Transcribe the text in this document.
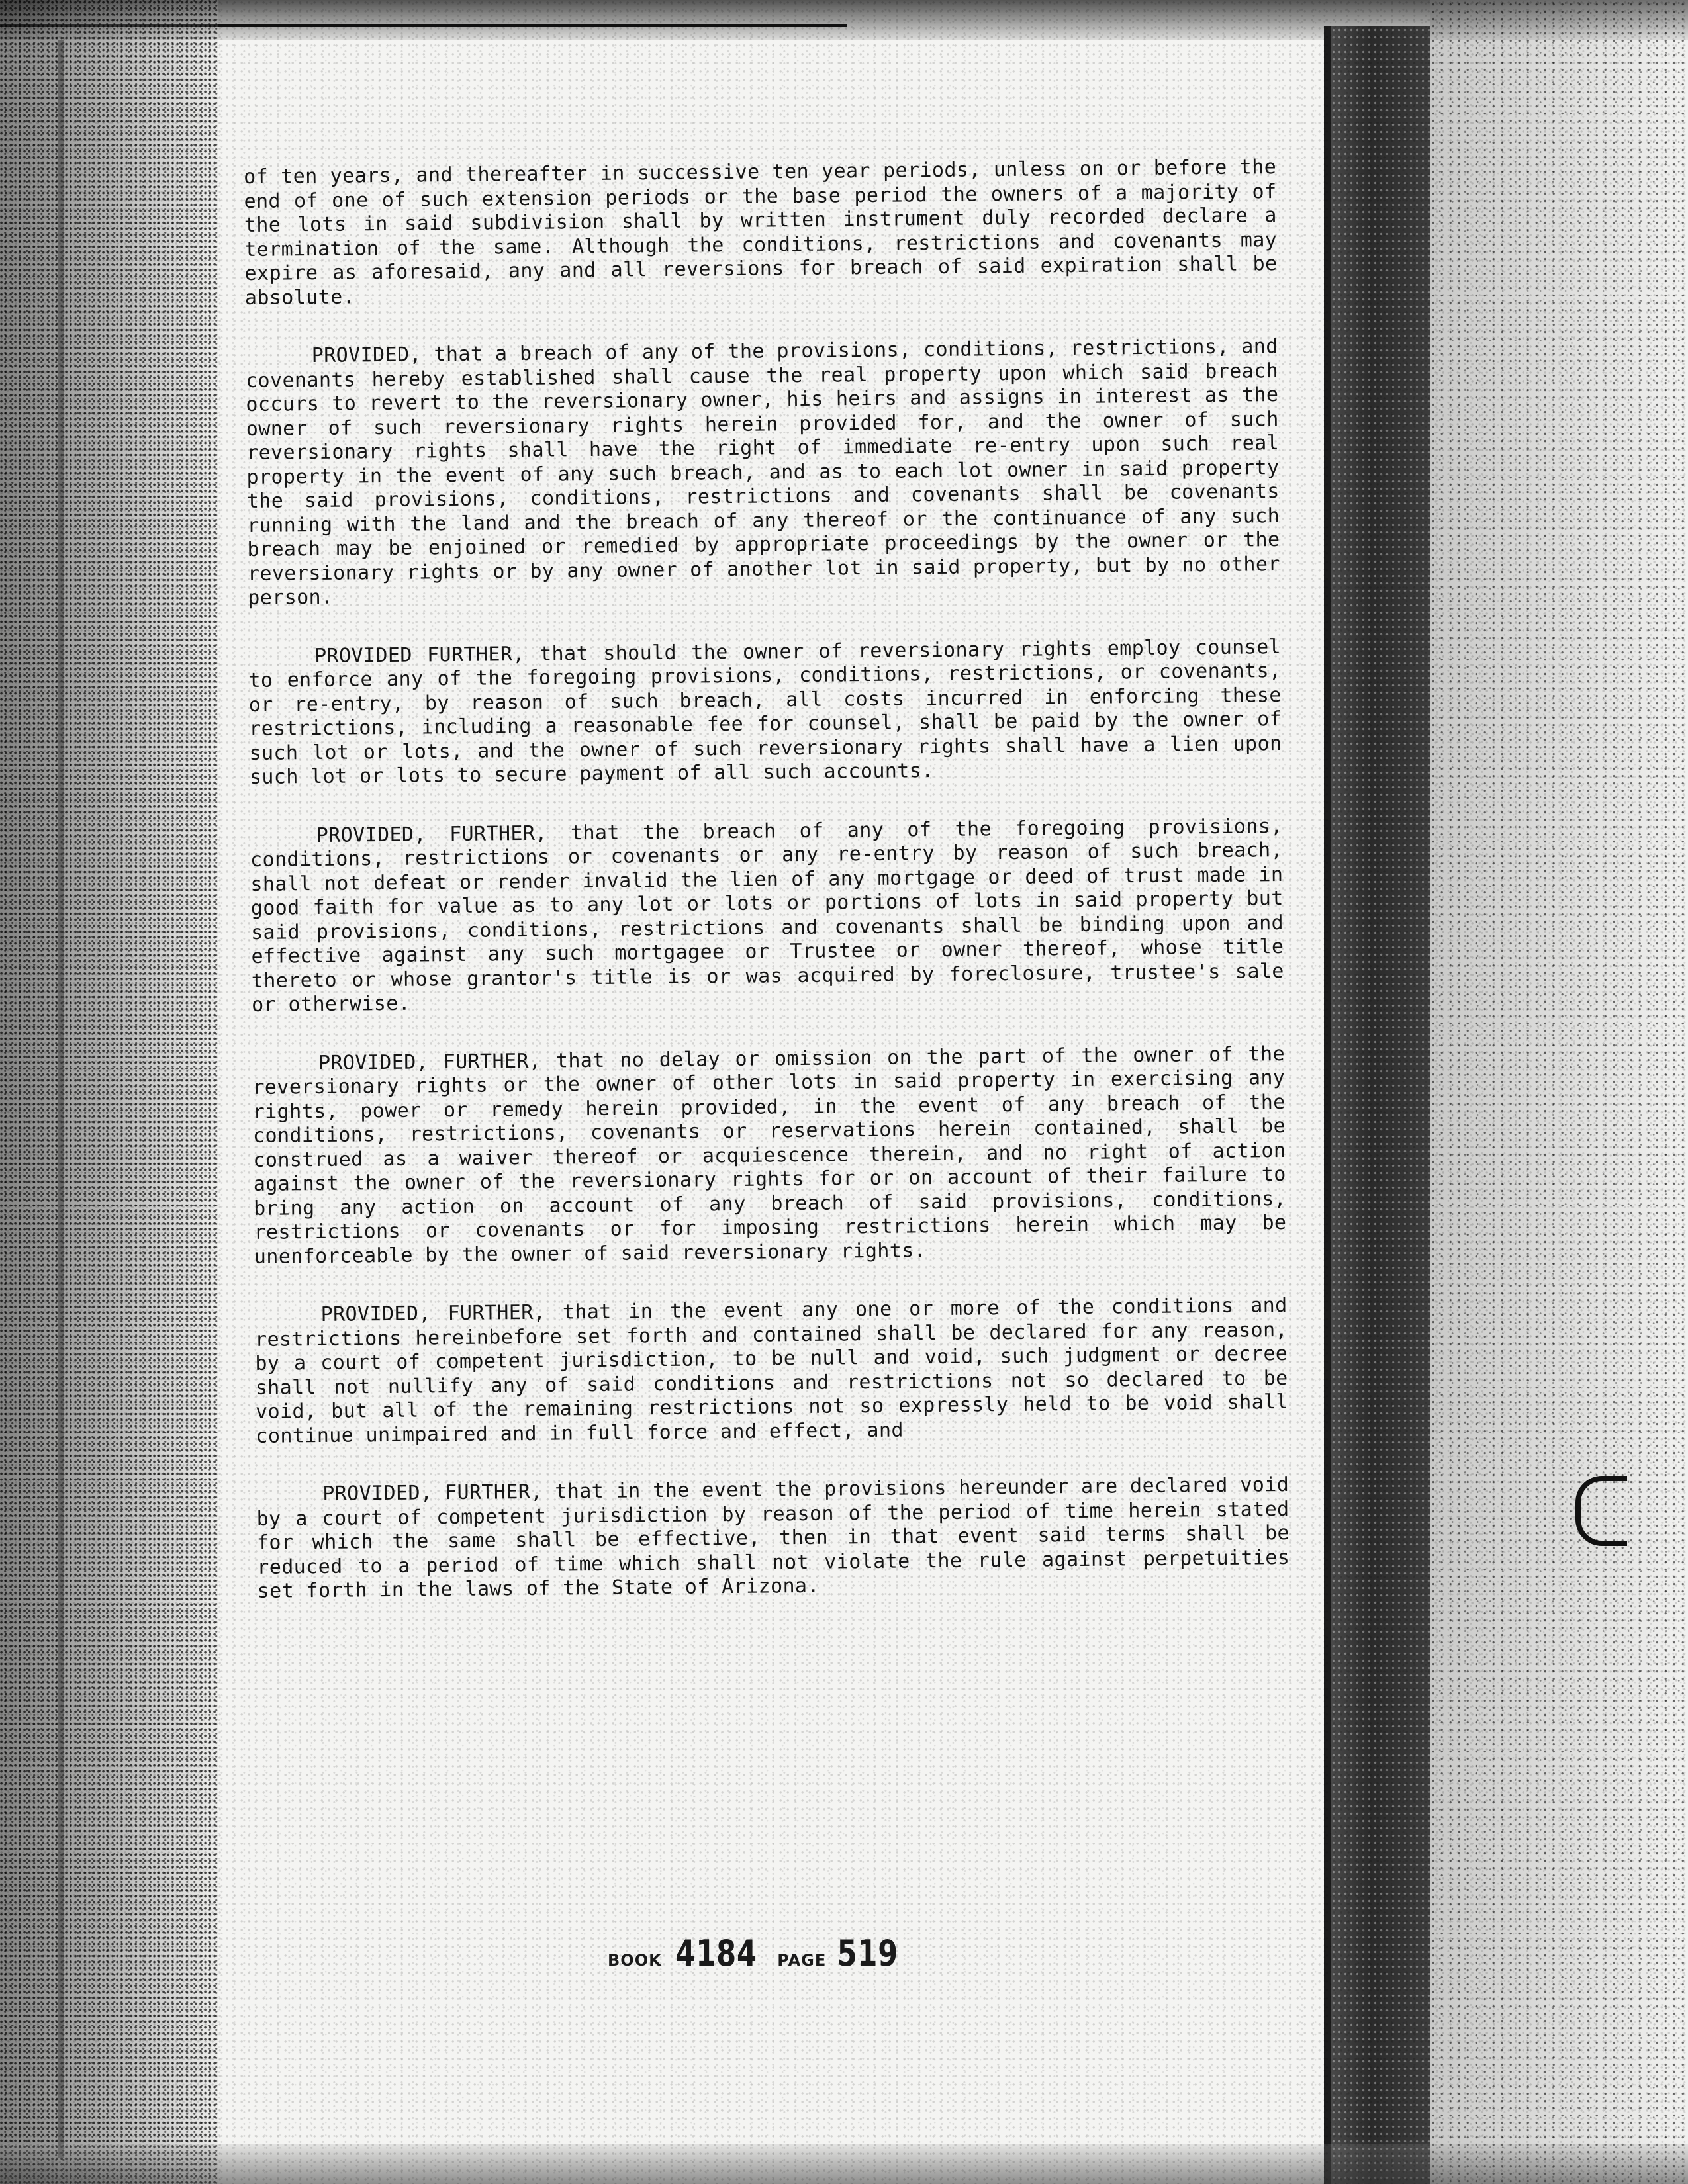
of ten years, and thereafter in successive ten year periods, unless on or before the end of one of such extension periods or the base period the owners of a majority of the lots in said subdivision shall by written instrument duly recorded declare a termination of the same. Although the conditions, restrictions and covenants may expire as aforesaid, any and all reversions for breach of said expiration shall be absolute.

PROVIDED, that a breach of any of the provisions, conditions, restrictions, and covenants hereby established shall cause the real property upon which said breach occurs to revert to the reversionary owner, his heirs and assigns in interest as the owner of such reversionary rights herein provided for, and the owner of such reversionary rights shall have the right of immediate re-entry upon such real property in the event of any such breach, and as to each lot owner in said property the said provisions, conditions, restrictions and covenants shall be covenants running with the land and the breach of any thereof or the continuance of any such breach may be enjoined or remedied by appropriate proceedings by the owner or the reversionary rights or by any owner of another lot in said property, but by no other person.

PROVIDED FURTHER, that should the owner of reversionary rights employ counsel to enforce any of the foregoing provisions, conditions, restrictions, or covenants, or re-entry, by reason of such breach, all costs incurred in enforcing these restrictions, including a reasonable fee for counsel, shall be paid by the owner of such lot or lots, and the owner of such reversionary rights shall have a lien upon such lot or lots to secure payment of all such accounts.

PROVIDED, FURTHER, that the breach of any of the foregoing provisions, conditions, restrictions or covenants or any re-entry by reason of such breach, shall not defeat or render invalid the lien of any mortgage or deed of trust made in good faith for value as to any lot or lots or portions of lots in said property but said provisions, conditions, restrictions and covenants shall be binding upon and effective against any such mortgagee or Trustee or owner thereof, whose title thereto or whose grantor's title is or was acquired by foreclosure, trustee's sale or otherwise.

PROVIDED, FURTHER, that no delay or omission on the part of the owner of the reversionary rights or the owner of other lots in said property in exercising any rights, power or remedy herein provided, in the event of any breach of the conditions, restrictions, covenants or reservations herein contained, shall be construed as a waiver thereof or acquiescence therein, and no right of action against the owner of the reversionary rights for or on account of their failure to bring any action on account of any breach of said provisions, conditions, restrictions or covenants or for imposing restrictions herein which may be unenforceable by the owner of said reversionary rights.

PROVIDED, FURTHER, that in the event any one or more of the conditions and restrictions hereinbefore set forth and contained shall be declared for any reason, by a court of competent jurisdiction, to be null and void, such judgment or decree shall not nullify any of said conditions and restrictions not so declared to be void, but all of the remaining restrictions not so expressly held to be void shall continue unimpaired and in full force and effect, and

PROVIDED, FURTHER, that in the event the provisions hereunder are declared void by a court of competent jurisdiction by reason of the period of time herein stated for which the same shall be effective, then in that event said terms shall be reduced to a period of time which shall not violate the rule against perpetuities set forth in the laws of the State of Arizona.

BOOK 4184 PAGE 519
